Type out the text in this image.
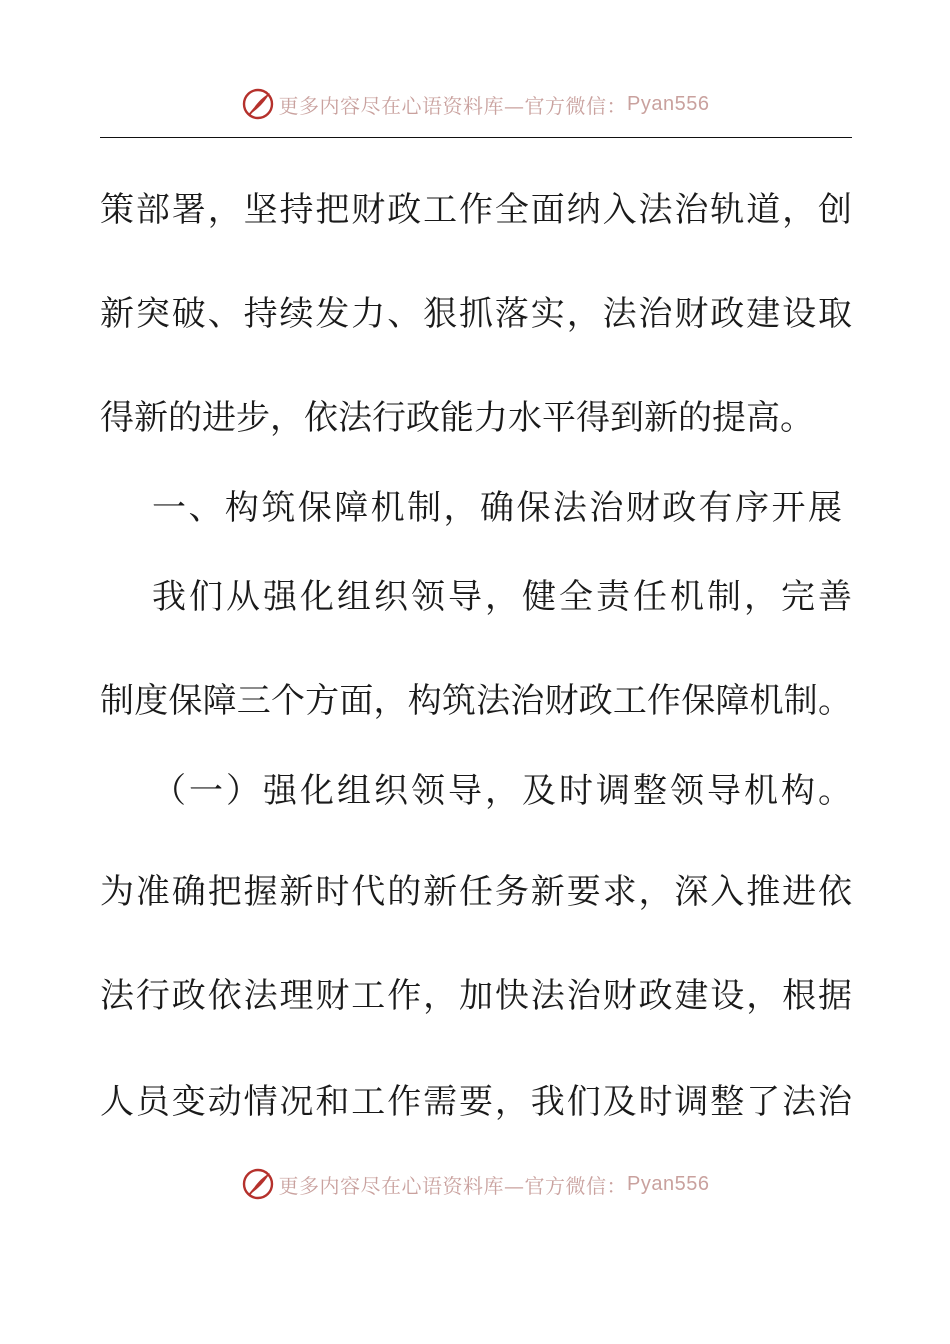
更多内容尽在心语资料库—官方微信： Pyan556
策部署，坚持把财政工作全面纳入法治轨道，创
新突破、持续发力、狠抓落实，法治财政建设取
得新的进步，依法行政能力水平得到新的提高。
一、构筑保障机制，确保法治财政有序开展
我们从强化组织领导，健全责任机制，完善
制度保障三个方面，构筑法治财政工作保障机制。
（一）强化组织领导，及时调整领导机构。
为准确把握新时代的新任务新要求，深入推进依
法行政依法理财工作，加快法治财政建设，根据
人员变动情况和工作需要，我们及时调整了法治
更多内容尽在心语资料库—官方微信： Pyan556
